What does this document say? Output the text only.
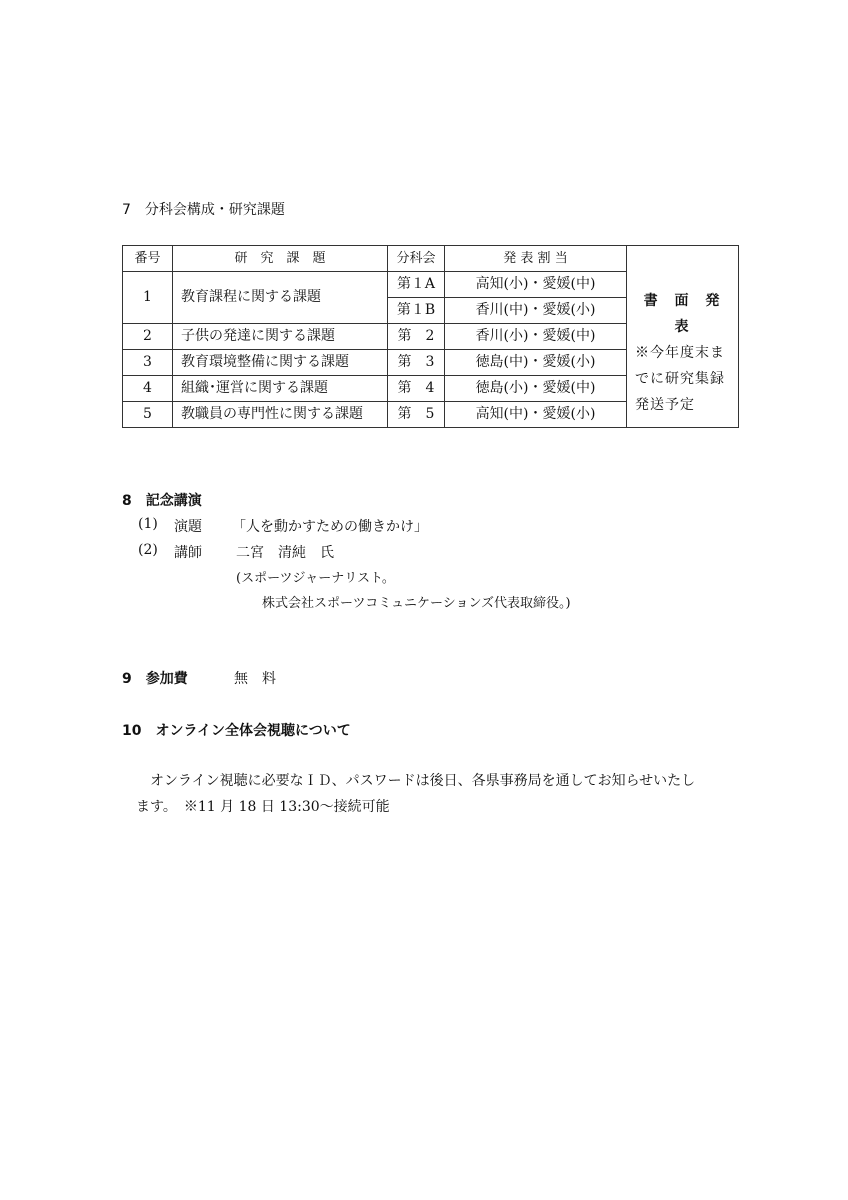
7　分科会構成・研究課題
番号	研　究　課　題	分科会	発 表 割 当	書 面 発 表
※今年度末までに研究集録発送予定

1	教育課程に関する課題	第１A	高知(小)・愛媛(中)	
		第１B	香川(中)・愛媛(小)	
2	子供の発達に関する課題	第　2	香川(小)・愛媛(中)	
3	教育環境整備に関する課題	第　3	徳島(中)・愛媛(小)	
4	組織･運営に関する課題	第　4	徳島(小)・愛媛(中)	
5	教職員の専門性に関する課題	第　5	高知(中)・愛媛(小)	
8　記念講演
(1) 演題 「人を動かすための働きかけ」
(2) 講師 二宮　清純　氏
(スポーツジャーナリスト。
株式会社スポーツコミュニケーションズ代表取締役。)
9　参加費	無　料
10　オンライン全体会視聴について
オンライン視聴に必要なＩＤ、パスワードは後日、各県事務局を通してお知らせいたし
ます。　※11 月 18 日 13:30～接続可能
